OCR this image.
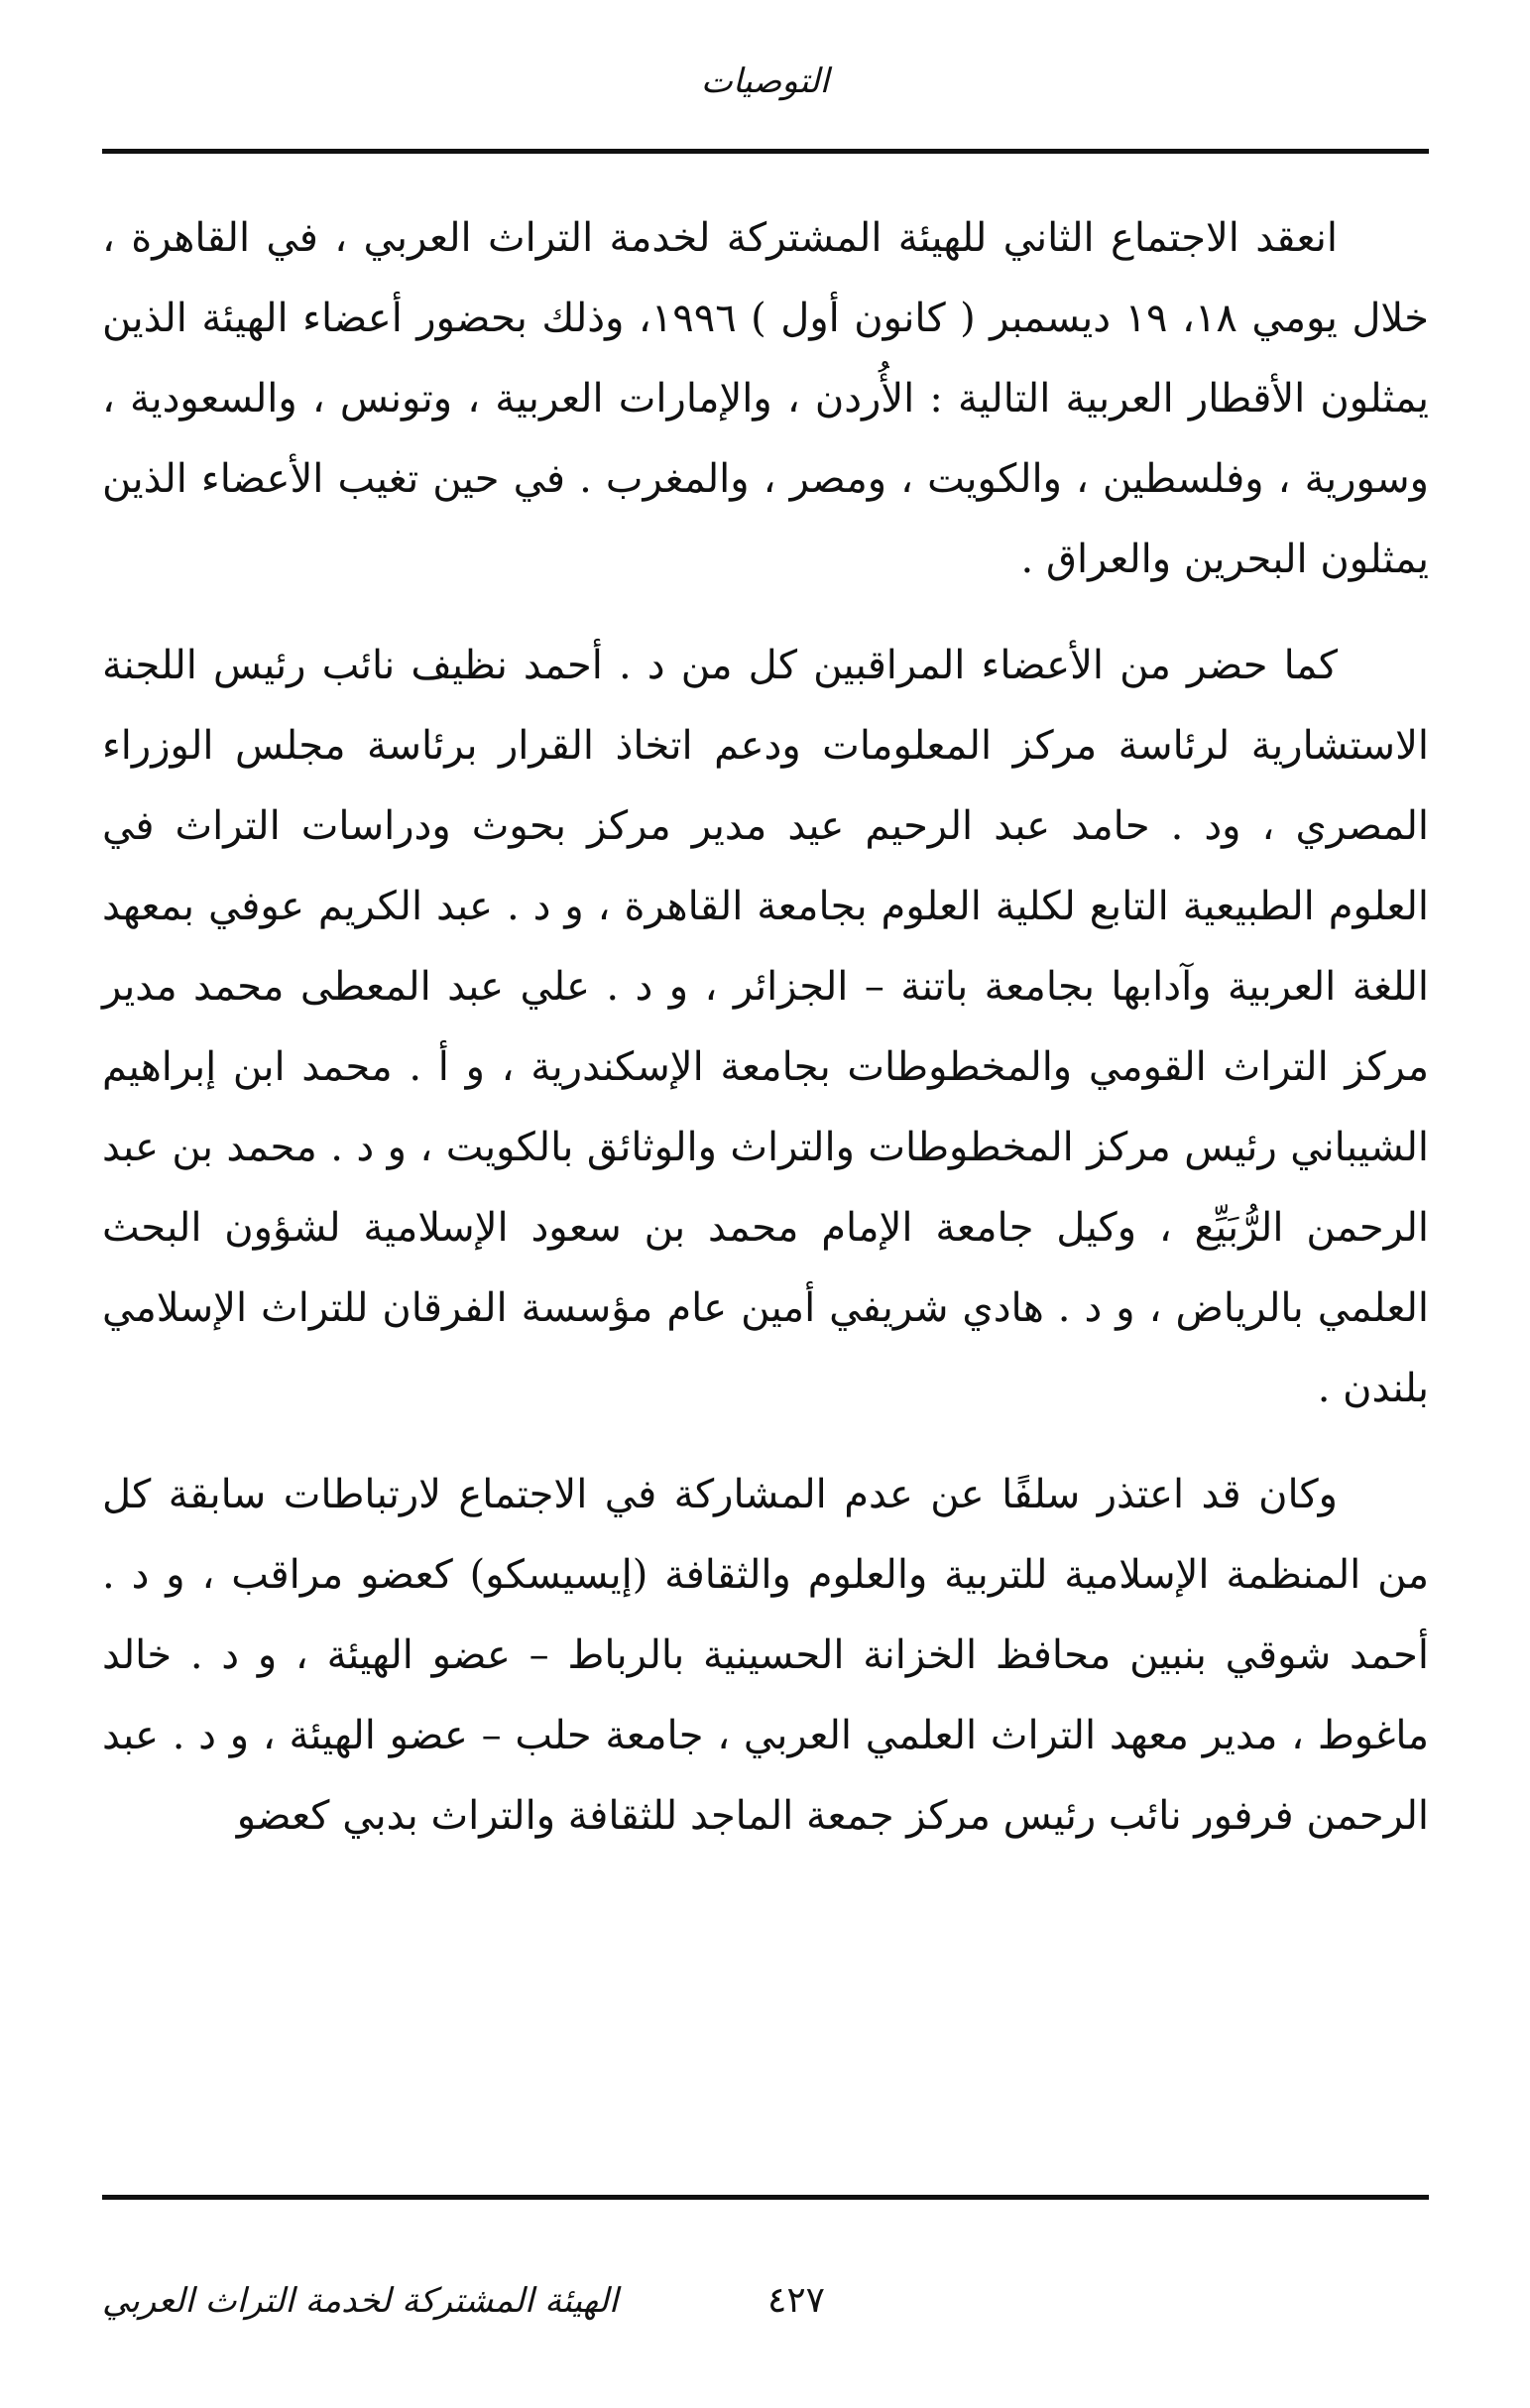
التوصيات

انعقد الاجتماع الثاني للهيئة المشتركة لخدمة التراث العربي ، في القاهرة ، خلال يومي ١٨، ١٩ ديسمبر ( كانون أول ) ١٩٩٦، وذلك بحضور أعضاء الهيئة الذين يمثلون الأقطار العربية التالية : الأُردن ، والإمارات العربية ، وتونس ، والسعودية ، وسورية ، وفلسطين ، والكويت ، ومصر ، والمغرب . في حين تغيب الأعضاء الذين يمثلون البحرين والعراق .

كما حضر من الأعضاء المراقبين كل من د . أحمد نظيف نائب رئيس اللجنة الاستشارية لرئاسة مركز المعلومات ودعم اتخاذ القرار برئاسة مجلس الوزراء المصري ، ود . حامد عبد الرحيم عيد مدير مركز بحوث ودراسات التراث في العلوم الطبيعية التابع لكلية العلوم بجامعة القاهرة ، و د . عبد الكريم عوفي بمعهد اللغة العربية وآدابها بجامعة باتنة – الجزائر ، و د . علي عبد المعطى محمد مدير مركز التراث القومي والمخطوطات بجامعة الإسكندرية ، و أ . محمد ابن إبراهيم الشيباني رئيس مركز المخطوطات والتراث والوثائق بالكويت ، و د . محمد بن عبد الرحمن الرُّبَيِّع ، وكيل جامعة الإمام محمد بن سعود الإسلامية لشؤون البحث العلمي بالرياض ، و د . هادي شريفي أمين عام مؤسسة الفرقان للتراث الإسلامي بلندن .

وكان قد اعتذر سلفًا عن عدم المشاركة في الاجتماع لارتباطات سابقة كل من المنظمة الإسلامية للتربية والعلوم والثقافة (إيسيسكو) كعضو مراقب ، و د . أحمد شوقي بنبين محافظ الخزانة الحسينية بالرباط – عضو الهيئة ، و د . خالد ماغوط ، مدير معهد التراث العلمي العربي ، جامعة حلب – عضو الهيئة ، و د . عبد الرحمن فرفور نائب رئيس مركز جمعة الماجد للثقافة والتراث بدبي كعضو

٤٢٧
الهيئة المشتركة لخدمة التراث العربي
